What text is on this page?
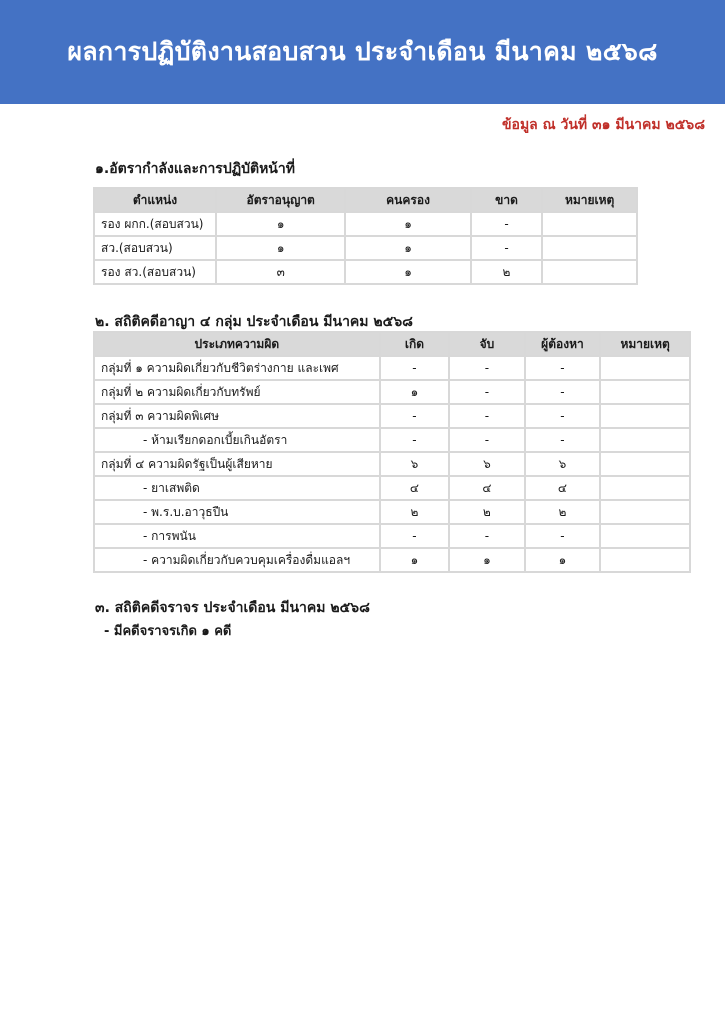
ผลการปฏิบัติงานสอบสวน ประจำเดือน มีนาคม ๒๕๖๘
ข้อมูล ณ วันที่ ๓๑ มีนาคม ๒๕๖๘
๑.อัตรากำลังและการปฏิบัติหน้าที่
ตำแหน่ง	อัตราอนุญาต	คนครอง	ขาด	หมายเหตุ
รอง ผกก.(สอบสวน)	๑	๑	-	
สว.(สอบสวน)	๑	๑	-	
รอง สว.(สอบสวน)	๓	๑	๒	
๒. สถิติคดีอาญา ๔ กลุ่ม ประจำเดือน มีนาคม ๒๕๖๘
ประเภทความผิด	เกิด	จับ	ผู้ต้องหา	หมายเหตุ
กลุ่มที่ ๑ ความผิดเกี่ยวกับชีวิตร่างกาย และเพศ	-	-	-	
กลุ่มที่ ๒ ความผิดเกี่ยวกับทรัพย์	๑	-	-	
กลุ่มที่ ๓ ความผิดพิเศษ	-	-	-	
- ห้ามเรียกดอกเบี้ยเกินอัตรา	-	-	-	
กลุ่มที่ ๔ ความผิดรัฐเป็นผู้เสียหาย	๖	๖	๖	
- ยาเสพติด	๔	๔	๔	
- พ.ร.บ.อาวุธปืน	๒	๒	๒	
- การพนัน	-	-	-	
- ความผิดเกี่ยวกับควบคุมเครื่องดื่มแอลฯ	๑	๑	๑	
๓. สถิติคดีจราจร ประจำเดือน มีนาคม ๒๕๖๘
- มีคดีจราจรเกิด ๑ คดี
